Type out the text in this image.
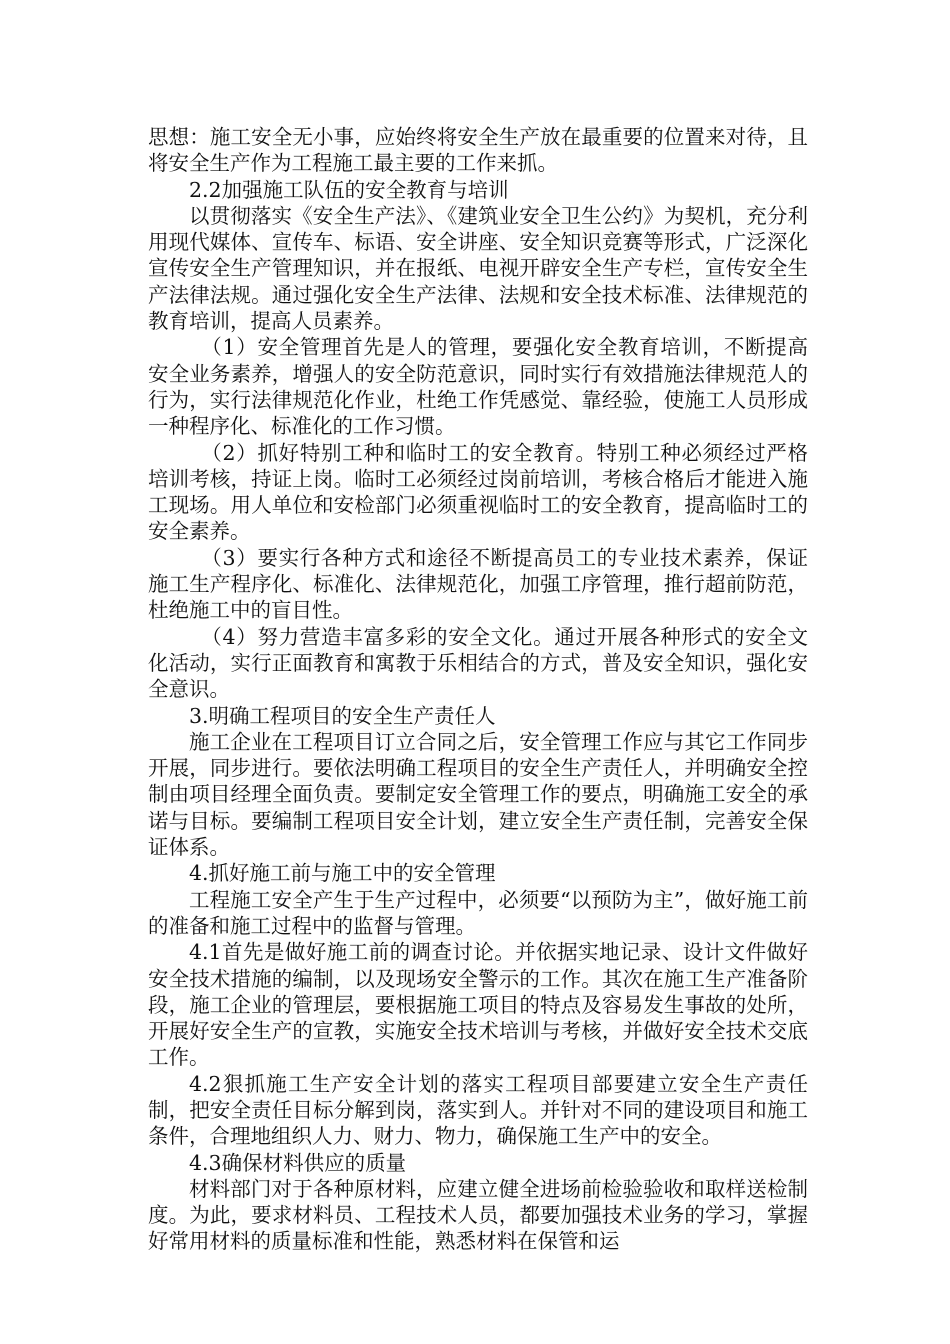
思想：施工安全无小事，应始终将安全生产放在最重要的位置来对待，且将安全生产作为工程施工最主要的工作来抓。

2.2加强施工队伍的安全教育与培训

以贯彻落实《安全生产法》、《建筑业安全卫生公约》为契机，充分利用现代媒体、宣传车、标语、安全讲座、安全知识竞赛等形式，广泛深化宣传安全生产管理知识，并在报纸、电视开辟安全生产专栏，宣传安全生产法律法规。通过强化安全生产法律、法规和安全技术标准、法律规范的教育培训，提高人员素养。

（1）安全管理首先是人的管理，要强化安全教育培训，不断提高安全业务素养，增强人的安全防范意识，同时实行有效措施法律规范人的行为，实行法律规范化作业，杜绝工作凭感觉、靠经验，使施工人员形成一种程序化、标准化的工作习惯。

（2）抓好特别工种和临时工的安全教育。特别工种必须经过严格培训考核，持证上岗。临时工必须经过岗前培训，考核合格后才能进入施工现场。用人单位和安检部门必须重视临时工的安全教育，提高临时工的安全素养。

（3）要实行各种方式和途径不断提高员工的专业技术素养，保证施工生产程序化、标准化、法律规范化，加强工序管理，推行超前防范，杜绝施工中的盲目性。

（4）努力营造丰富多彩的安全文化。通过开展各种形式的安全文化活动，实行正面教育和寓教于乐相结合的方式，普及安全知识，强化安全意识。

3.明确工程项目的安全生产责任人

施工企业在工程项目订立合同之后，安全管理工作应与其它工作同步开展，同步进行。要依法明确工程项目的安全生产责任人，并明确安全控制由项目经理全面负责。要制定安全管理工作的要点，明确施工安全的承诺与目标。要编制工程项目安全计划，建立安全生产责任制，完善安全保证体系。

4.抓好施工前与施工中的安全管理

工程施工安全产生于生产过程中，必须要“以预防为主”，做好施工前的准备和施工过程中的监督与管理。

4.1首先是做好施工前的调查讨论。并依据实地记录、设计文件做好安全技术措施的编制，以及现场安全警示的工作。其次在施工生产准备阶段，施工企业的管理层，要根据施工项目的特点及容易发生事故的处所，开展好安全生产的宣教，实施安全技术培训与考核，并做好安全技术交底工作。

4.2狠抓施工生产安全计划的落实工程项目部要建立安全生产责任制，把安全责任目标分解到岗，落实到人。并针对不同的建设项目和施工条件，合理地组织人力、财力、物力，确保施工生产中的安全。

4.3确保材料供应的质量

材料部门对于各种原材料，应建立健全进场前检验验收和取样送检制度。为此，要求材料员、工程技术人员，都要加强技术业务的学习，掌握好常用材料的质量标准和性能，熟悉材料在保管和运
